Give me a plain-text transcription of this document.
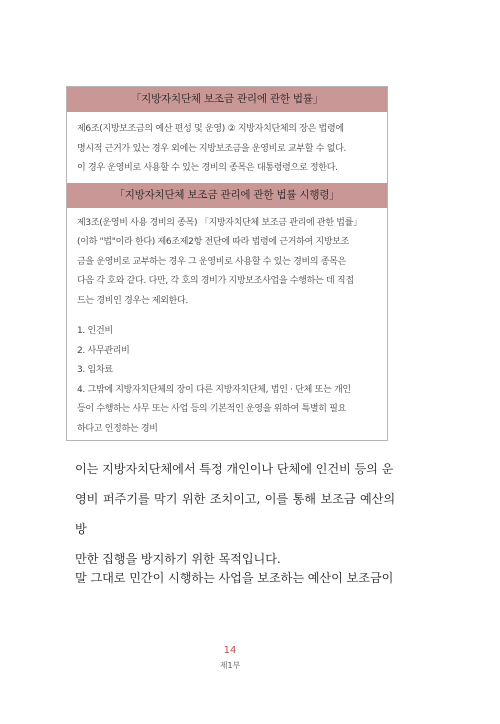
「지방자치단체 보조금 관리에 관한 법률」
제6조(지방보조금의 예산 편성 및 운영) ② 지방자치단체의 장은 법령에
명시적 근거가 있는 경우 외에는 지방보조금을 운영비로 교부할 수 없다.
이 경우 운영비로 사용할 수 있는 경비의 종목은 대통령령으로 정한다.
「지방자치단체 보조금 관리에 관한 법률 시행령」
제3조(운영비 사용 경비의 종목) 「지방자치단체 보조금 관리에 관한 법률」
(이하 "법"이라 한다) 제6조제2항 전단에 따라 법령에 근거하여 지방보조
금을 운영비로 교부하는 경우 그 운영비로 사용할 수 있는 경비의 종목은
다음 각 호와 같다. 다만, 각 호의 경비가 지방보조사업을 수행하는 데 직접
드는 경비인 경우는 제외한다.
1. 인건비
2. 사무관리비
3. 임차료
4. 그밖에 지방자치단체의 장이 다른 지방자치단체, 법인 · 단체 또는 개인
등이 수행하는 사무 또는 사업 등의 기본적인 운영을 위하여 특별히 필요
하다고 인정하는 경비
이는 지방자치단체에서 특정 개인이나 단체에 인건비 등의 운
영비 퍼주기를 막기 위한 조치이고, 이를 통해 보조금 예산의 방
만한 집행을 방지하기 위한 목적입니다.
말 그대로 민간이 시행하는 사업을 보조하는 예산이 보조금이
14
제1부
